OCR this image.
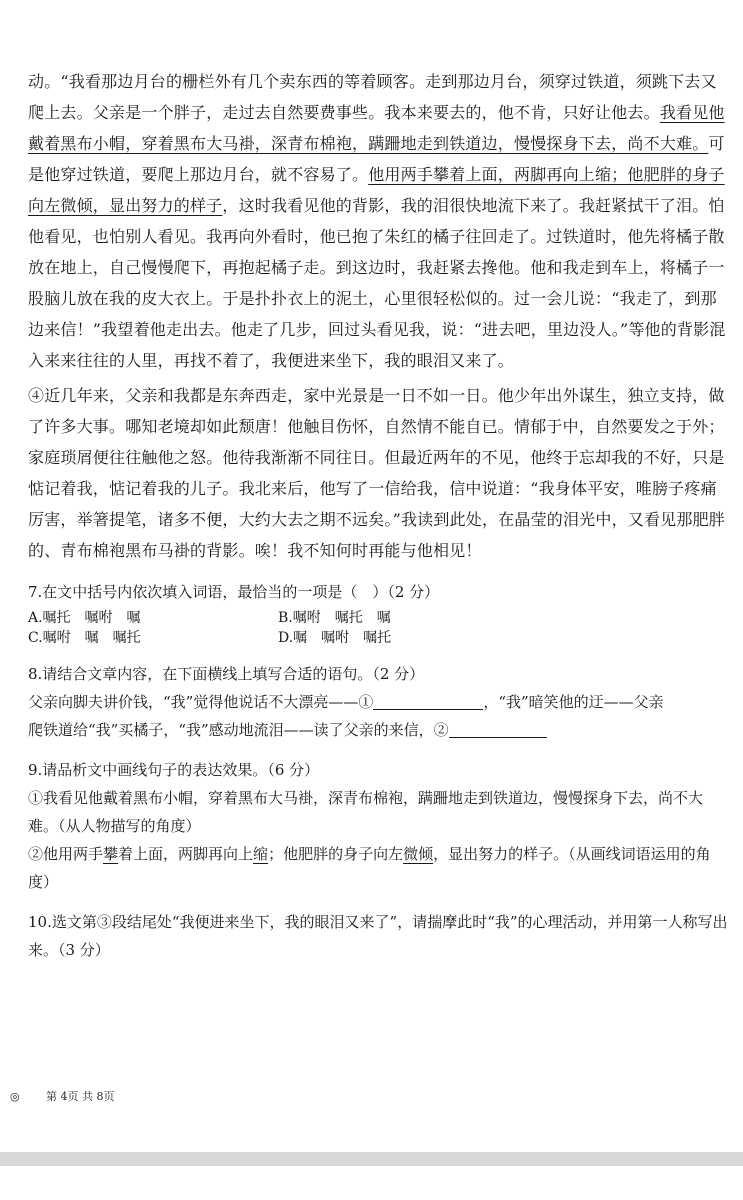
动。“我看那边月台的栅栏外有几个卖东西的等着顾客。走到那边月台，须穿过铁道，须跳下去又爬上去。父亲是一个胖子，走过去自然要费事些。我本来要去的，他不肯，只好让他去。我看见他戴着黑布小帽，穿着黑布大马褂，深青布棉袍，蹒跚地走到铁道边，慢慢探身下去，尚不大难。可是他穿过铁道，要爬上那边月台，就不容易了。他用两手攀着上面，两脚再向上缩；他肥胖的身子向左微倾，显出努力的样子，这时我看见他的背影，我的泪很快地流下来了。我赶紧拭干了泪。怕他看见，也怕别人看见。我再向外看时，他已抱了朱红的橘子往回走了。过铁道时，他先将橘子散放在地上，自己慢慢爬下，再抱起橘子走。到这边时，我赶紧去搀他。他和我走到车上，将橘子一股脑儿放在我的皮大衣上。于是扑扑衣上的泥土，心里很轻松似的。过一会儿说：“我走了，到那边来信！”我望着他走出去。他走了几步，回过头看见我，说：“进去吧，里边没人。”等他的背影混入来来往往的人里，再找不着了，我便进来坐下，我的眼泪又来了。

④近几年来，父亲和我都是东奔西走，家中光景是一日不如一日。他少年出外谋生，独立支持，做了许多大事。哪知老境却如此颓唐！他触目伤怀，自然情不能自已。情郁于中，自然要发之于外；家庭琐屑便往往触他之怒。他待我渐渐不同往日。但最近两年的不见，他终于忘却我的不好，只是惦记着我，惦记着我的儿子。我北来后，他写了一信给我，信中说道：“我身体平安，唯膀子疼痛厉害，举箸提笔，诸多不便，大约大去之期不远矣。”我读到此处，在晶莹的泪光中，又看见那肥胖的、青布棉袍黑布马褂的背影。唉！我不知何时再能与他相见！

7.在文中括号内依次填入词语，最恰当的一项是（　）（2 分）

A.嘱托　嘱咐　嘱	B.嘱咐　嘱托　嘱
C.嘱咐　嘱　嘱托	D.嘱　嘱咐　嘱托

8.请结合文章内容，在下面横线上填写合适的语句。（2 分）

父亲向脚夫讲价钱，“我”觉得他说话不大漂亮——①	，“我”暗笑他的迂——父亲

爬铁道给“我”买橘子，“我”感动地流泪——读了父亲的来信，②

9.请品析文中画线句子的表达效果。（6 分）

①我看见他戴着黑布小帽，穿着黑布大马褂，深青布棉袍，蹒跚地走到铁道边，慢慢探身下去，尚不大难。（从人物描写的角度）

②他用两手攀着上面，两脚再向上缩；他肥胖的身子向左微倾，显出努力的样子。（从画线词语运用的角度）

10.选文第③段结尾处“我便进来坐下，我的眼泪又来了”，请揣摩此时“我”的心理活动，并用第一人称写出来。（3 分）

◎ 第 4页 共 8页
